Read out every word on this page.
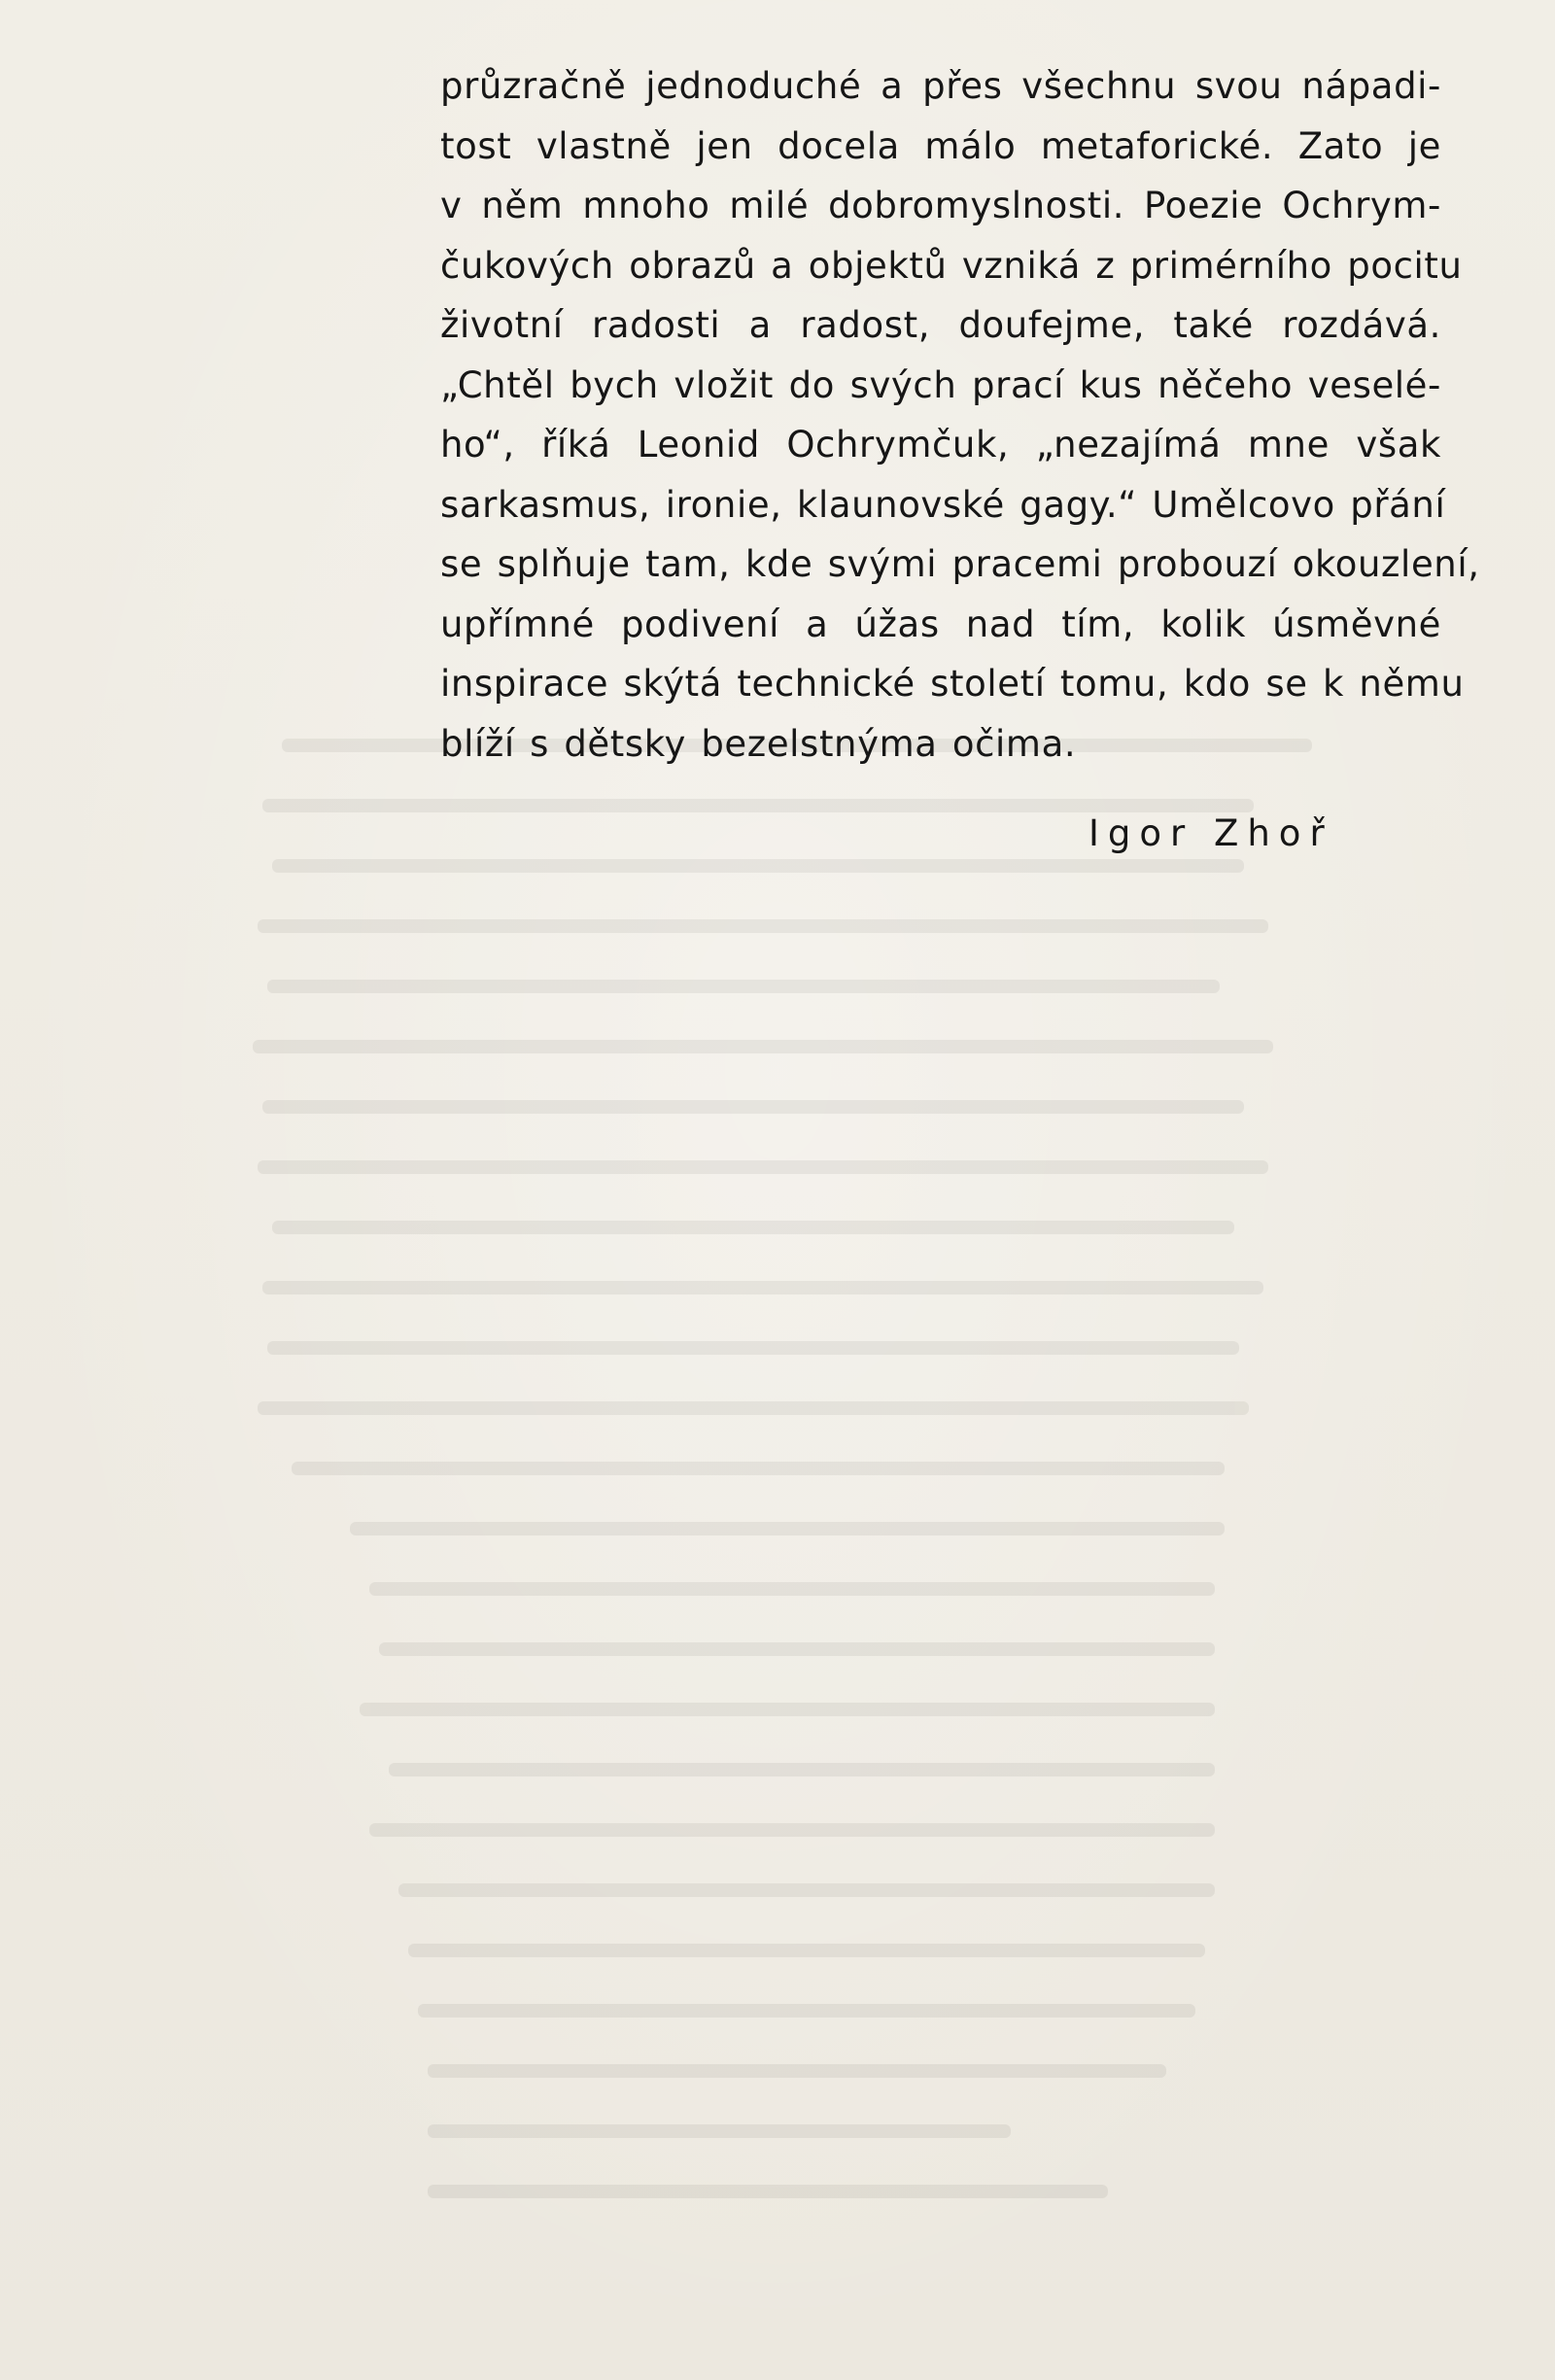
průzračně jednoduché a přes všechnu svou nápadi-
tost vlastně jen docela málo metaforické. Zato je
v něm mnoho milé dobromyslnosti. Poezie Ochrym-
čukových obrazů a objektů vzniká z primérního pocitu
životní radosti a radost, doufejme, také rozdává.
„Chtěl bych vložit do svých prací kus něčeho veselé-
ho“, říká Leonid Ochrymčuk, „nezajímá mne však
sarkasmus, ironie, klaunovské gagy.“ Umělcovo přání
se splňuje tam, kde svými pracemi probouzí okouzlení,
upřímné podivení a úžas nad tím, kolik úsměvné
inspirace skýtá technické století tomu, kdo se k němu
blíží s dětsky bezelstnýma očima.
Igor Zhoř
